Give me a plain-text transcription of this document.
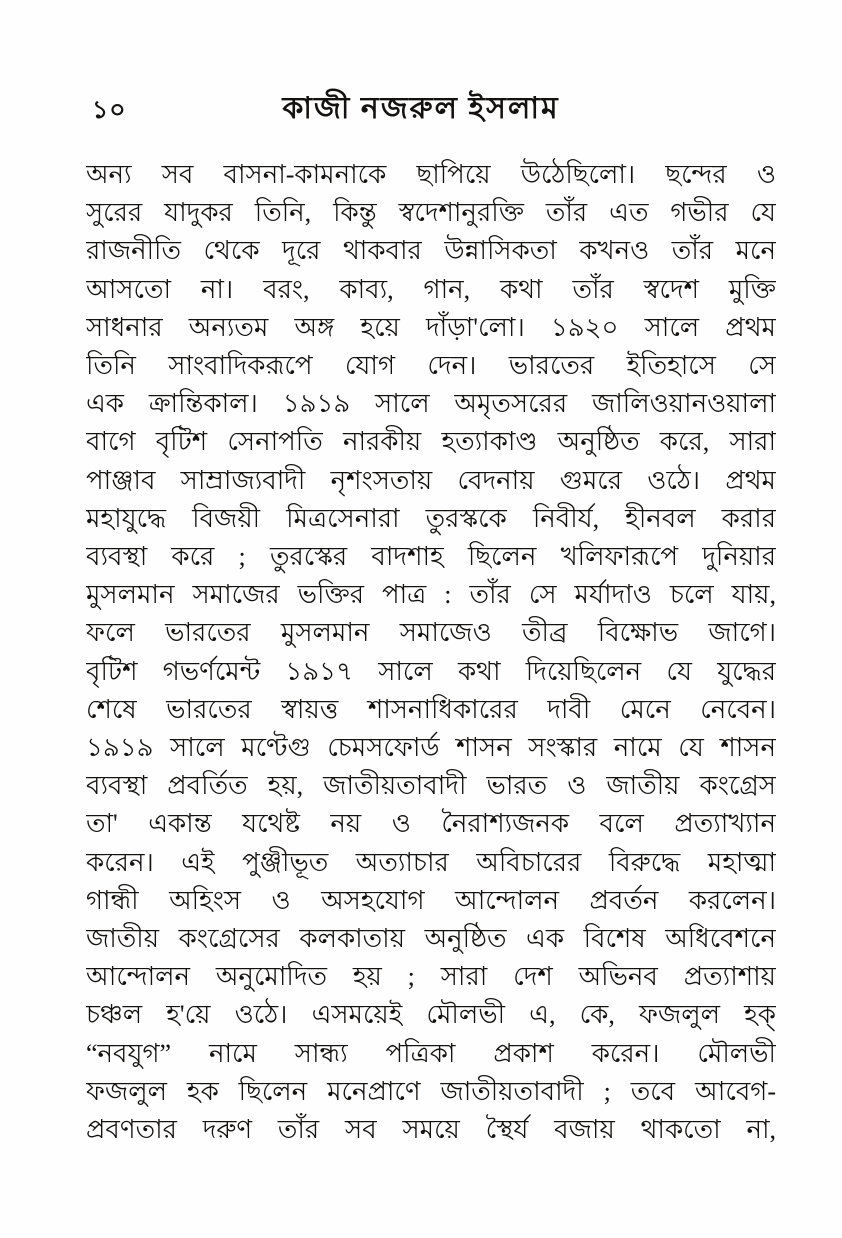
১০	কাজী নজরুল ইসলাম
অন্য সব বাসনা-কামনাকে ছাপিয়ে উঠেছিলো। ছন্দের ও
সুরের যাদুকর তিনি, কিন্তু স্বদেশানুরক্তি তাঁর এত গভীর যে
রাজনীতি থেকে দূরে থাকবার উন্নাসিকতা কখনও তাঁর মনে
আসতো না। বরং, কাব্য, গান, কথা তাঁর স্বদেশ মুক্তি
সাধনার অন্যতম অঙ্গ হয়ে দাঁড়া'লো। ১৯২০ সালে প্রথম
তিনি সাংবাদিকরূপে যোগ দেন। ভারতের ইতিহাসে সে
এক ক্রান্তিকাল। ১৯১৯ সালে অমৃতসরের জালিওয়ানওয়ালা
বাগে বৃটিশ সেনাপতি নারকীয় হত্যাকাণ্ড অনুষ্ঠিত করে, সারা
পাঞ্জাব সাম্রাজ্যবাদী নৃশংসতায় বেদনায় গুমরে ওঠে। প্রথম
মহাযুদ্ধে বিজয়ী মিত্রসেনারা তুরস্ককে নিবীর্য, হীনবল করার
ব্যবস্থা করে ; তুরস্কের বাদশাহ ছিলেন খলিফারূপে দুনিয়ার
মুসলমান সমাজের ভক্তির পাত্র : তাঁর সে মর্যাদাও চলে যায়,
ফলে ভারতের মুসলমান সমাজেও তীব্র বিক্ষোভ জাগে।
বৃটিশ গভর্ণমেন্ট ১৯১৭ সালে কথা দিয়েছিলেন যে যুদ্ধের
শেষে ভারতের স্বায়ত্ত শাসনাধিকারের দাবী মেনে নেবেন।
১৯১৯ সালে মণ্টেগু চেমসফোর্ড শাসন সংস্কার নামে যে শাসন
ব্যবস্থা প্রবর্তিত হয়, জাতীয়তাবাদী ভারত ও জাতীয় কংগ্রেস
তা' একান্ত যথেষ্ট নয় ও নৈরাশ্যজনক বলে প্রত্যাখ্যান
করেন। এই পুঞ্জীভূত অত্যাচার অবিচারের বিরুদ্ধে মহাত্মা
গান্ধী অহিংস ও অসহযোগ আন্দোলন প্রবর্তন করলেন।
জাতীয় কংগ্রেসের কলকাতায় অনুষ্ঠিত এক বিশেষ অধিবেশনে
আন্দোলন অনুমোদিত হয় ; সারা দেশ অভিনব প্রত্যাশায়
চঞ্চল হ'য়ে ওঠে। এসময়েই মৌলভী এ, কে, ফজলুল হক্
“নবযুগ” নামে সান্ধ্য পত্রিকা প্রকাশ করেন। মৌলভী
ফজলুল হক ছিলেন মনেপ্রাণে জাতীয়তাবাদী ; তবে আবেগ-
প্রবণতার দরুণ তাঁর সব সময়ে স্থৈর্য বজায় থাকতো না,
